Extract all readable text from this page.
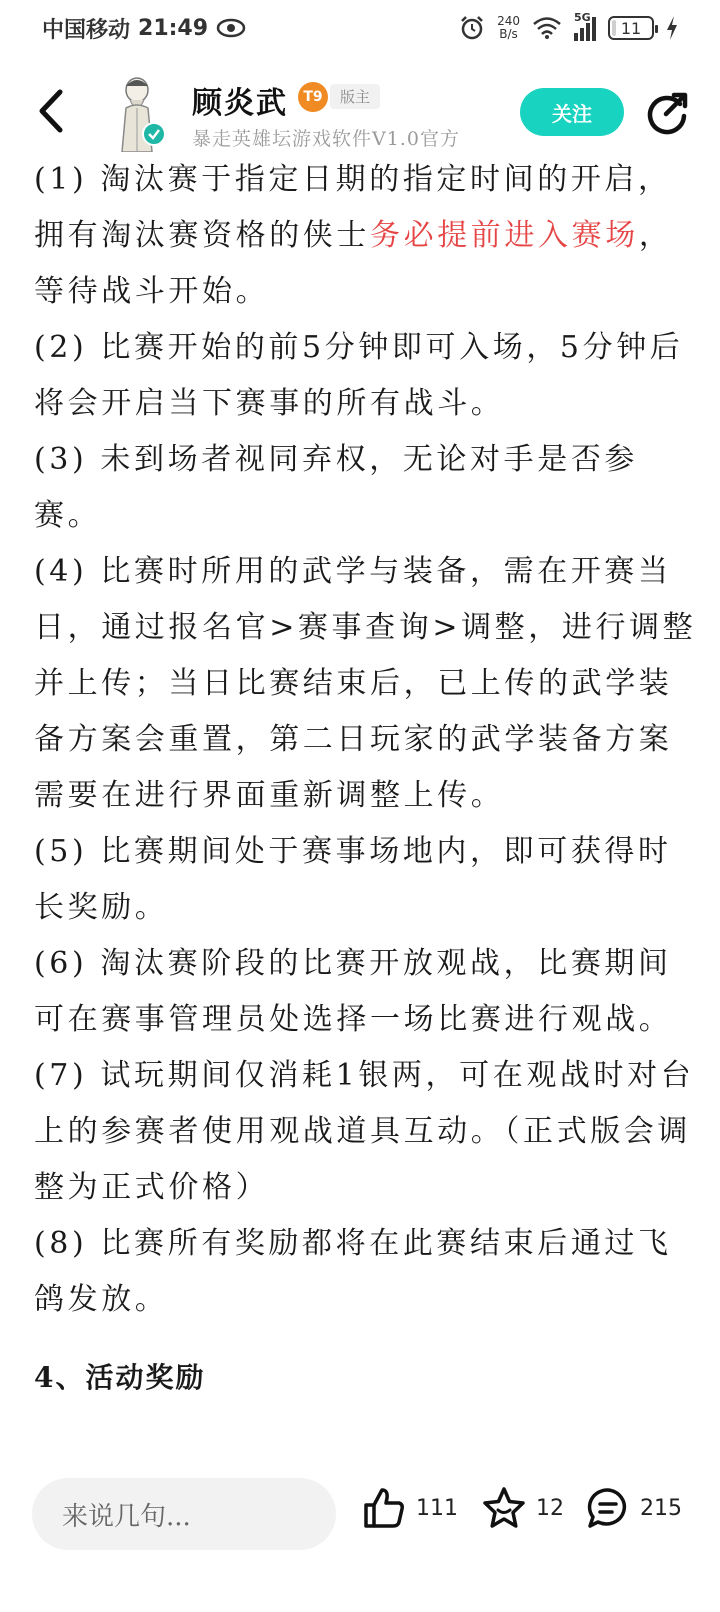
中国移动 21:49	240
B/s
5G
11
顾炎武	T9	版主
暴走英雄坛游戏软件V1.0官方
关注

(1) 淘汰赛于指定日期的指定时间的开启，拥有淘汰赛资格的侠士务必提前进入赛场，等待战斗开始。

(2) 比赛开始的前5分钟即可入场，5分钟后将会开启当下赛事的所有战斗。

(3) 未到场者视同弃权，无论对手是否参赛。

(4) 比赛时所用的武学与装备，需在开赛当日，通过报名官>赛事查询>调整，进行调整并上传；当日比赛结束后，已上传的武学装备方案会重置，第二日玩家的武学装备方案需要在进行界面重新调整上传。

(5) 比赛期间处于赛事场地内，即可获得时长奖励。

(6) 淘汰赛阶段的比赛开放观战，比赛期间可在赛事管理员处选择一场比赛进行观战。

(7) 试玩期间仅消耗1银两，可在观战时对台上的参赛者使用观战道具互动。（正式版会调整为正式价格）

(8) 比赛所有奖励都将在此赛结束后通过飞鸽发放。

4、活动奖励
来说几句...	111	12	215
